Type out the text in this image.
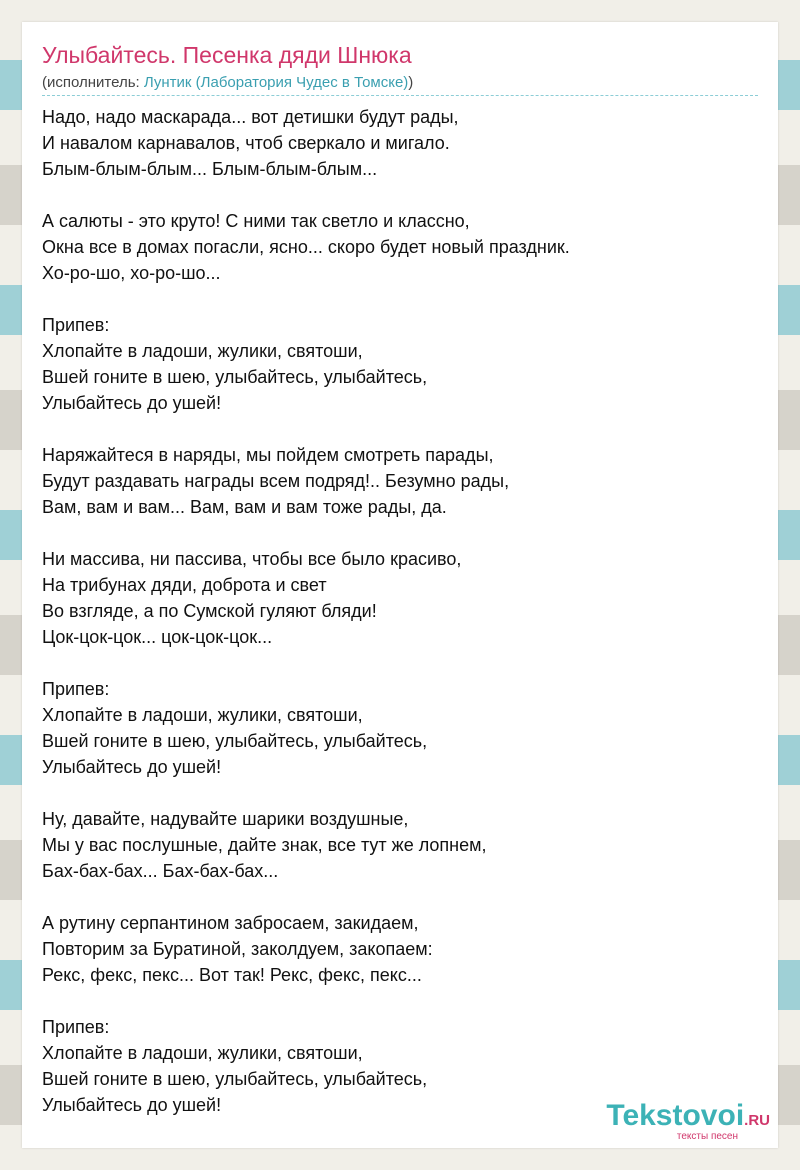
Улыбайтесь. Песенка дяди Шнюка
(исполнитель: Лунтик (Лаборатория Чудес в Томске))
Надо, надо маскарада... вот детишки будут рады,
И навалом карнавалов, чтоб сверкало и мигало.
Блым-блым-блым... Блым-блым-блым...
А салюты - это круто! С ними так светло и классно,
Окна все в домах погасли, ясно... скоро будет новый праздник.
Хо-ро-шо, хо-ро-шо...
Припев:
Хлопайте в ладоши, жулики, святоши,
Вшей гоните в шею, улыбайтесь, улыбайтесь,
Улыбайтесь до ушей!
Наряжайтеся в наряды, мы пойдем смотреть парады,
Будут раздавать награды всем подряд!.. Безумно рады,
Вам, вам и вам... Вам, вам и вам тоже рады, да.
Ни массива, ни пассива, чтобы все было красиво,
На трибунах дяди, доброта и свет
Во взгляде, а по Сумской гуляют бляди!
Цок-цок-цок... цок-цок-цок...
Припев:
Хлопайте в ладоши, жулики, святоши,
Вшей гоните в шею, улыбайтесь, улыбайтесь,
Улыбайтесь до ушей!
Ну, давайте, надувайте шарики воздушные,
Мы у вас послушные, дайте знак, все тут же лопнем,
Бах-бах-бах... Бах-бах-бах...
А рутину серпантином забросаем, закидаем,
Повторим за Буратиной, заколдуем, закопаем:
Рекс, фекс, пекс... Вот так! Рекс, фекс, пекс...
Припев:
Хлопайте в ладоши, жулики, святоши,
Вшей гоните в шею, улыбайтесь, улыбайтесь,
Улыбайтесь до ушей!	Tekstovoi.RU
тексты песен
